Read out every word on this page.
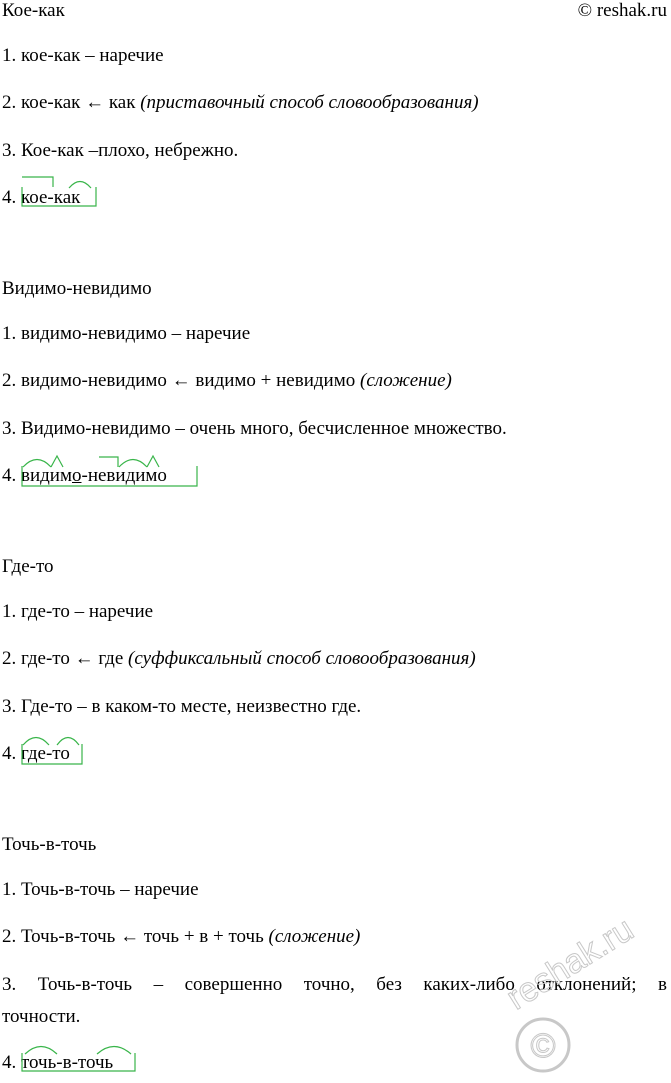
Кое-как	© reshak.ru
1. кое-как – наречие
2. кое-как ← как (приставочный способ словообразования)
3. Кое-как –плохо, небрежно.
4. кое-как
Видимо-невидимо
1. видимо-невидимо – наречие
2. видимо-невидимо ← видимо + невидимо (сложение)
3. Видимо-невидимо – очень много, бесчисленное множество.
4. видимо-невидимо
Где-то
1. где-то – наречие
2. где-то ← где (суффиксальный способ словообразования)
3. Где-то – в каком-то месте, неизвестно где.
4. где-то
Точь-в-точь
1. Точь-в-точь – наречие
2. Точь-в-точь ← точь + в + точь (сложение)
3. Точь-в-точь – совершенно точно, без каких-либо отклонений; в
точности.
4. точь-в-точь
reshak.ru
©
